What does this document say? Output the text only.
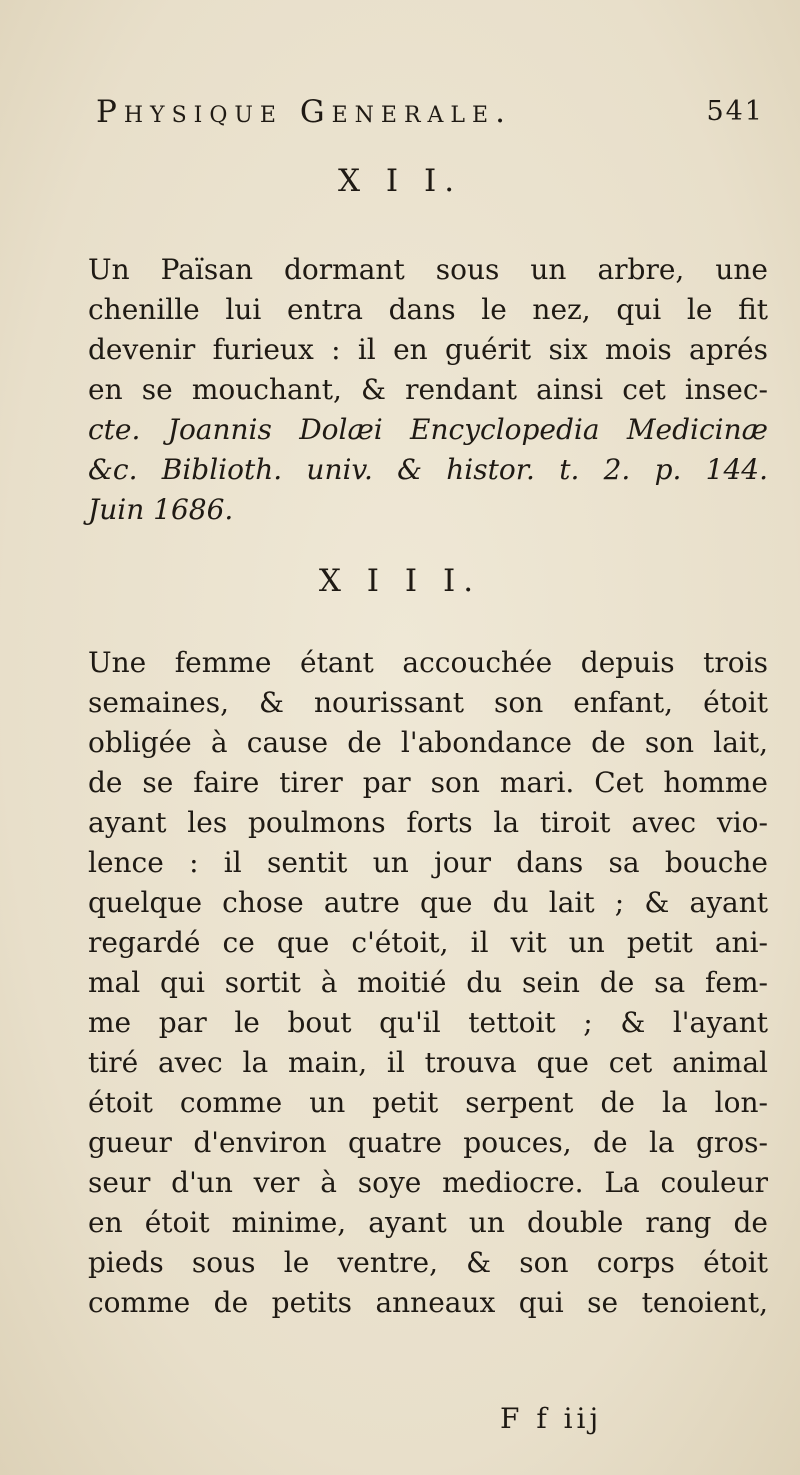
Physique Generale.	541
X I I.
Un Païsan dormant sous un arbre, une
chenille lui entra dans le nez, qui le fit
devenir furieux : il en guérit six mois aprés
en se mouchant, & rendant ainsi cet insec-
cte. Joannis Dolæi Encyclopedia Medicinæ
&c. Biblioth. univ. & histor. t. 2. p. 144.
Juin 1686.
X I I I.
Une femme étant accouchée depuis trois
semaines, & nourissant son enfant, étoit
obligée à cause de l'abondance de son lait,
de se faire tirer par son mari. Cet homme
ayant les poulmons forts la tiroit avec vio-
lence : il sentit un jour dans sa bouche
quelque chose autre que du lait ; & ayant
regardé ce que c'étoit, il vit un petit ani-
mal qui sortit à moitié du sein de sa fem-
me par le bout qu'il tettoit ; & l'ayant
tiré avec la main, il trouva que cet animal
étoit comme un petit serpent de la lon-
gueur d'environ quatre pouces, de la gros-
seur d'un ver à soye mediocre. La couleur
en étoit minime, ayant un double rang de
pieds sous le ventre, & son corps étoit
comme de petits anneaux qui se tenoient,
F f iij
